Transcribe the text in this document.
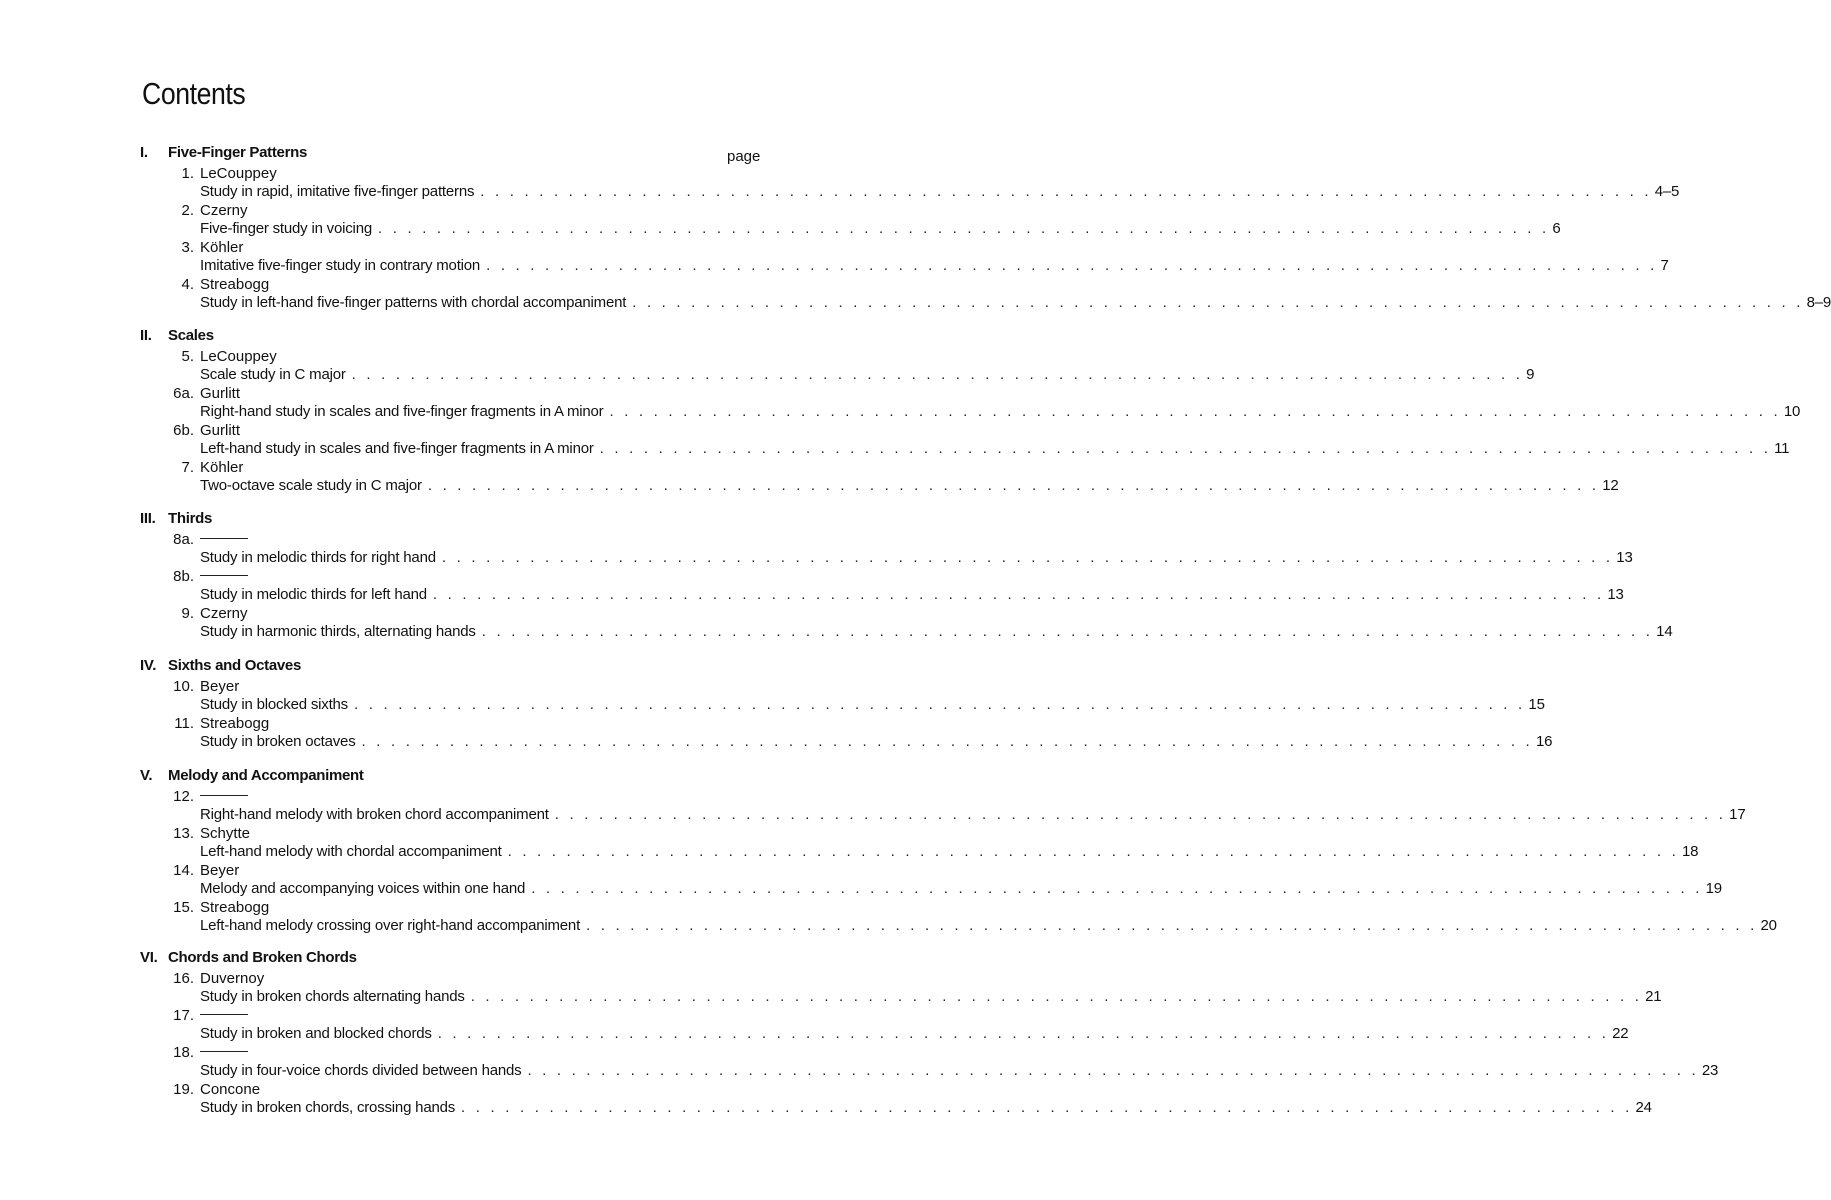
Contents
page
I.	Five-Finger Patterns
1. LeCouppey
Study in rapid, imitative five-finger patterns . . . . . . . . . . . . . . . . . . . . . . . . . . . . . . . . . . . . . . . . . . . . . . . . . . . . . . . . . . . . . . . . . . . . . . . . . . . . . . . . 4–5
2. Czerny
Five-finger study in voicing . . . . . . . . . . . . . . . . . . . . . . . . . . . . . . . . . . . . . . . . . . . . . . . . . . . . . . . . . . . . . . . . . . . . . . . . . . . . . . . . 6
3. Köhler
Imitative five-finger study in contrary motion . . . . . . . . . . . . . . . . . . . . . . . . . . . . . . . . . . . . . . . . . . . . . . . . . . . . . . . . . . . . . . . . . . . . . . . . . . . . . . . . 7
4. Streabogg
Study in left-hand five-finger patterns with chordal accompaniment . . . . . . . . . . . . . . . . . . . . . . . . . . . . . . . . . . . . . . . . . . . . . . . . . . . . . . . . . . . . . . . . . . . . . . . . . . . . . . . . 8–9
II.	Scales
5. LeCouppey
Scale study in C major . . . . . . . . . . . . . . . . . . . . . . . . . . . . . . . . . . . . . . . . . . . . . . . . . . . . . . . . . . . . . . . . . . . . . . . . . . . . . . . . 9
6a. Gurlitt
Right-hand study in scales and five-finger fragments in A minor . . . . . . . . . . . . . . . . . . . . . . . . . . . . . . . . . . . . . . . . . . . . . . . . . . . . . . . . . . . . . . . . . . . . . . . . . . . . . . . . 10
6b. Gurlitt
Left-hand study in scales and five-finger fragments in A minor . . . . . . . . . . . . . . . . . . . . . . . . . . . . . . . . . . . . . . . . . . . . . . . . . . . . . . . . . . . . . . . . . . . . . . . . . . . . . . . . 11
7. Köhler
Two-octave scale study in C major . . . . . . . . . . . . . . . . . . . . . . . . . . . . . . . . . . . . . . . . . . . . . . . . . . . . . . . . . . . . . . . . . . . . . . . . . . . . . . . . 12
III. Thirds
8a.
Study in melodic thirds for right hand . . . . . . . . . . . . . . . . . . . . . . . . . . . . . . . . . . . . . . . . . . . . . . . . . . . . . . . . . . . . . . . . . . . . . . . . . . . . . . . . 13
8b.
Study in melodic thirds for left hand . . . . . . . . . . . . . . . . . . . . . . . . . . . . . . . . . . . . . . . . . . . . . . . . . . . . . . . . . . . . . . . . . . . . . . . . . . . . . . . . 13
9. Czerny
Study in harmonic thirds, alternating hands . . . . . . . . . . . . . . . . . . . . . . . . . . . . . . . . . . . . . . . . . . . . . . . . . . . . . . . . . . . . . . . . . . . . . . . . . . . . . . . . 14
IV. Sixths and Octaves
10. Beyer
Study in blocked sixths . . . . . . . . . . . . . . . . . . . . . . . . . . . . . . . . . . . . . . . . . . . . . . . . . . . . . . . . . . . . . . . . . . . . . . . . . . . . . . . . 15
11. Streabogg
Study in broken octaves . . . . . . . . . . . . . . . . . . . . . . . . . . . . . . . . . . . . . . . . . . . . . . . . . . . . . . . . . . . . . . . . . . . . . . . . . . . . . . . . 16
V.	Melody and Accompaniment
12.
Right-hand melody with broken chord accompaniment . . . . . . . . . . . . . . . . . . . . . . . . . . . . . . . . . . . . . . . . . . . . . . . . . . . . . . . . . . . . . . . . . . . . . . . . . . . . . . . . 17
13. Schytte
Left-hand melody with chordal accompaniment . . . . . . . . . . . . . . . . . . . . . . . . . . . . . . . . . . . . . . . . . . . . . . . . . . . . . . . . . . . . . . . . . . . . . . . . . . . . . . . . 18
14. Beyer
Melody and accompanying voices within one hand . . . . . . . . . . . . . . . . . . . . . . . . . . . . . . . . . . . . . . . . . . . . . . . . . . . . . . . . . . . . . . . . . . . . . . . . . . . . . . . . 19
15. Streabogg
Left-hand melody crossing over right-hand accompaniment . . . . . . . . . . . . . . . . . . . . . . . . . . . . . . . . . . . . . . . . . . . . . . . . . . . . . . . . . . . . . . . . . . . . . . . . . . . . . . . . 20
VI. Chords and Broken Chords
16. Duvernoy
Study in broken chords alternating hands . . . . . . . . . . . . . . . . . . . . . . . . . . . . . . . . . . . . . . . . . . . . . . . . . . . . . . . . . . . . . . . . . . . . . . . . . . . . . . . . 21
17.
Study in broken and blocked chords . . . . . . . . . . . . . . . . . . . . . . . . . . . . . . . . . . . . . . . . . . . . . . . . . . . . . . . . . . . . . . . . . . . . . . . . . . . . . . . . 22
18.
Study in four-voice chords divided between hands . . . . . . . . . . . . . . . . . . . . . . . . . . . . . . . . . . . . . . . . . . . . . . . . . . . . . . . . . . . . . . . . . . . . . . . . . . . . . . . . 23
19. Concone
Study in broken chords, crossing hands . . . . . . . . . . . . . . . . . . . . . . . . . . . . . . . . . . . . . . . . . . . . . . . . . . . . . . . . . . . . . . . . . . . . . . . . . . . . . . . . 24
